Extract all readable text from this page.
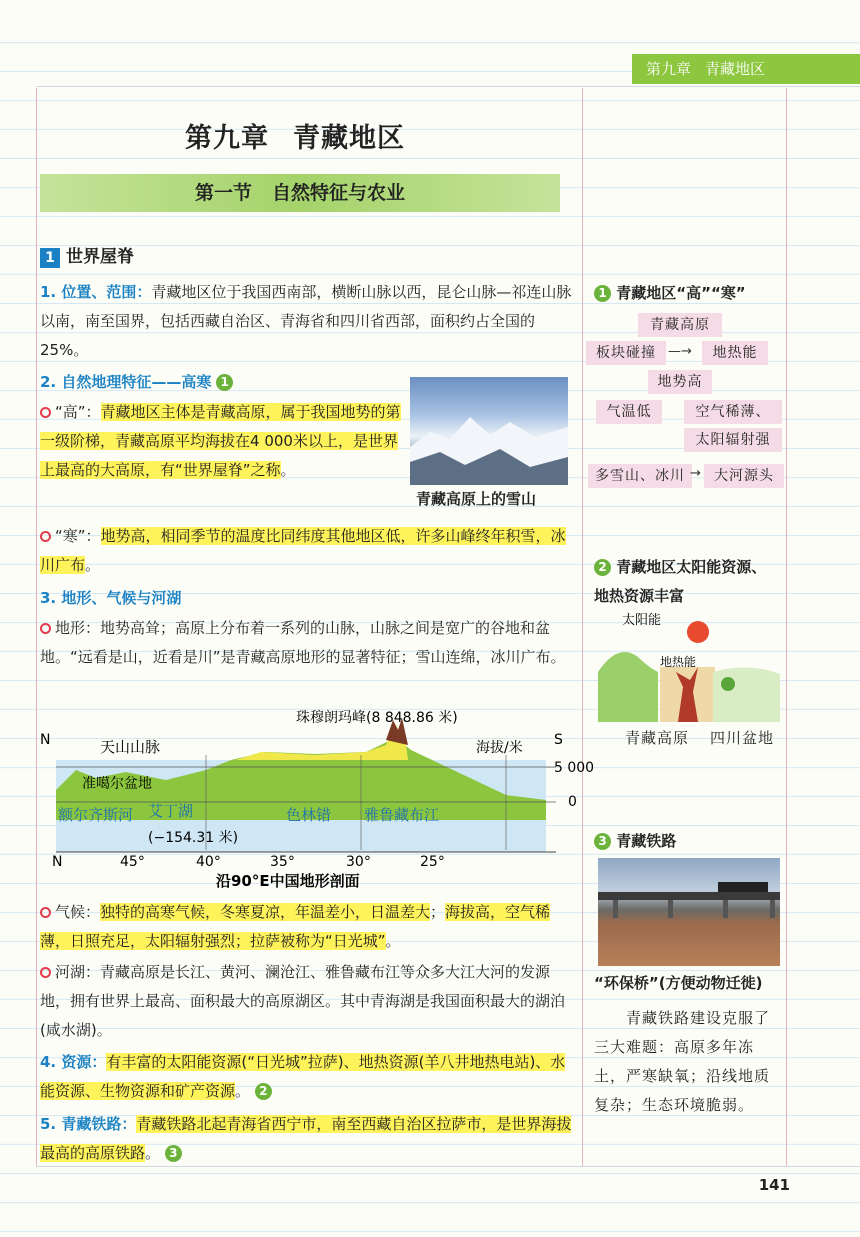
第九章 青藏地区
第九章 青藏地区
第一节 自然特征与农业
1 世界屋脊
1. 位置、范围：青藏地区位于我国西南部，横断山脉以西，昆仑山脉—祁连山脉以南，南至国界，包括西藏自治区、青海省和四川省西部，面积约占全国的25%。
2. 自然地理特征——高寒 1
“高”：青藏地区主体是青藏高原，属于我国地势的第一级阶梯，青藏高原平均海拔在4 000米以上，是世界上最高的大高原，有“世界屋脊”之称。
青藏高原上的雪山
“寒”：地势高，相同季节的温度比同纬度其他地区低，许多山峰终年积雪，冰川广布。
3. 地形、气候与河湖
地形：地势高耸；高原上分布着一系列的山脉，山脉之间是宽广的谷地和盆地。“远看是山，近看是川”是青藏高原地形的显著特征；雪山连绵，冰川广布。
珠穆朗玛峰(8 848.86 米)
N	S
天山山脉	海拔/米
准噶尔盆地
额尔齐斯河 艾丁湖
(−154.31 米)
色林错 雅鲁藏布江
5 000
0
N	45°	40°	35°	30°	25°
沿90°E中国地形剖面
气候：独特的高寒气候，冬寒夏凉，年温差小，日温差大；海拔高，空气稀薄，日照充足，太阳辐射强烈；拉萨被称为“日光城”。
河湖：青藏高原是长江、黄河、澜沧江、雅鲁藏布江等众多大江大河的发源地，拥有世界上最高、面积最大的高原湖区。其中青海湖是我国面积最大的湖泊(咸水湖)。
4. 资源：有丰富的太阳能资源(“日光城”拉萨)、地热资源(羊八井地热电站)、水能资源、生物资源和矿产资源。 2
5. 青藏铁路：青藏铁路北起青海省西宁市，南至西藏自治区拉萨市，是世界海拔最高的高原铁路。 3
1 青藏地区“高”“寒”
青藏高原
板块碰撞 —→	地热能
地势高
气温低	空气稀薄、
太阳辐射强
多雪山、冰川 → 大河源头
2 青藏地区太阳能资源、
地热资源丰富
太阳能
地热能
青藏高原 四川盆地
3 青藏铁路
“环保桥”(方便动物迁徙)
青藏铁路建设克服了三大难题：高原多年冻土，严寒缺氧；沿线地质复杂；生态环境脆弱。
141
